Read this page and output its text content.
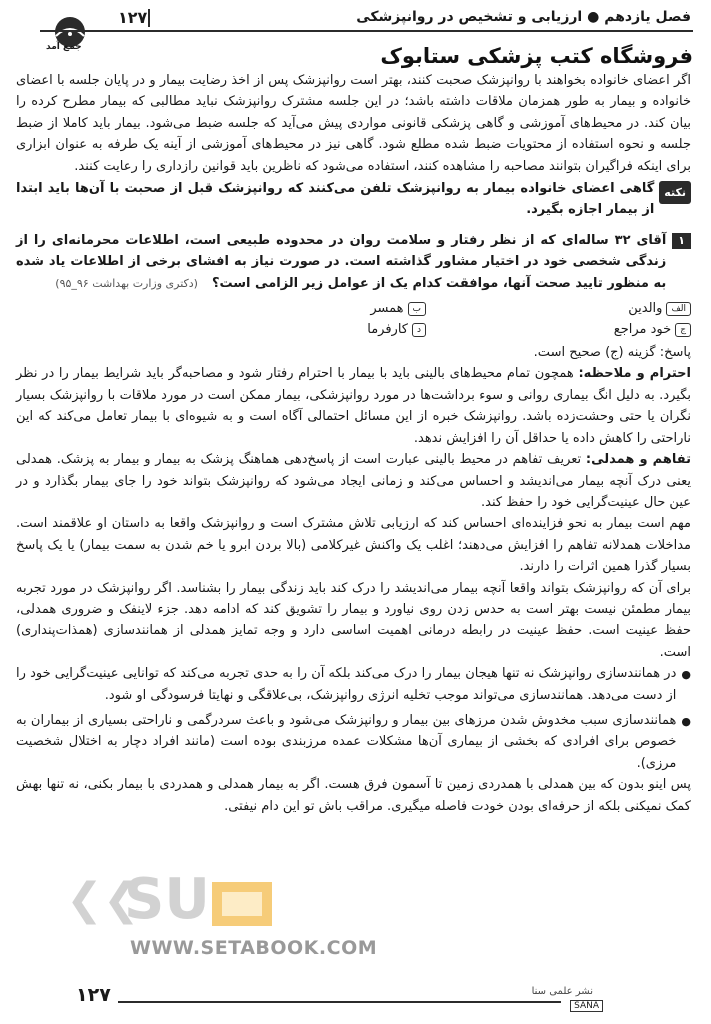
جمع آمد
۱۲۷	فصل یازدهم ● ارزیابی و تشخیص در روانپزشکی
فروشگاه کتب پزشکی ستابوک

اگر اعضای خانواده بخواهند با روانپزشک صحبت کنند، بهتر است روانپزشک پس از اخذ رضایت بیمار و در پایان جلسه با اعضای خانواده و بیمار به طور همزمان ملاقات داشته باشد؛ در این جلسه مشترک روانپزشک نباید مطالبی که بیمار مطرح کرده را بیان کند. در محیط‌های آموزشی و گاهی پزشکی قانونی مواردی پیش می‌آید که جلسه ضبط می‌شود. بیمار باید کاملا از ضبط جلسه و نحوه استفاده از محتویات ضبط شده مطلع شود. گاهی نیز در محیط‌های آموزشی از آینه یک طرفه به عنوان ابزاری برای اینکه فراگیران بتوانند مصاحبه را مشاهده کنند، استفاده می‌شود که ناظرین باید قوانین رازداری را رعایت کنند.

نکته
گاهی اعضای خانواده بیمار به روانپزشک تلفن می‌کنند که روانپزشک قبل از صحبت با آن‌ها باید ابتدا از بیمار اجازه بگیرد.
۱
آقای ۳۲ ساله‌ای که از نظر رفتار و سلامت روان در محدوده طبیعی است، اطلاعات محرمانه‌ای را از زندگی شخصی خود در اختیار مشاور گذاشته است. در صورت نیاز به افشای برخی از اطلاعات یاد شده به منظور تایید صحت آنها، موافقت کدام یک از عوامل زیر الزامی است؟(دکتری وزارت بهداشت ۹۶_۹۵)
الف
والدین
ب
همسر
ج
خود مراجع
د
کارفرما

پاسخ: گزینه (ج) صحیح است.

احترام و ملاحظه: همچون تمام محیط‌های بالینی باید با بیمار با احترام رفتار شود و مصاحبه‌گر باید شرایط بیمار را در نظر بگیرد. به دلیل انگ بیماری روانی و سوء برداشت‌ها در مورد روانپزشکی، بیمار ممکن است در مورد ملاقات با روانپزشک بسیار نگران یا حتی وحشت‌زده باشد. روانپزشک خبره از این مسائل احتمالی آگاه است و به شیوه‌ای با بیمار تعامل می‌کند که این ناراحتی را کاهش داده یا حداقل آن را افزایش ندهد.

تفاهم و همدلی: تعریف تفاهم در محیط بالینی عبارت است از پاسخ‌دهی هماهنگ پزشک به بیمار و بیمار به پزشک. همدلی یعنی درک آنچه بیمار می‌اندیشد و احساس می‌کند و زمانی ایجاد می‌شود که روانپزشک بتواند خود را جای بیمار بگذارد و در عین حال عینیت‌گرایی خود را حفظ کند.

مهم است بیمار به نحو فزاینده‌ای احساس کند که ارزیابی تلاش مشترک است و روانپزشک واقعا به داستان او علاقمند است. مداخلات همدلانه تفاهم را افزایش می‌دهند؛ اغلب یک واکنش غیرکلامی (بالا بردن ابرو یا خم شدن به سمت بیمار) یا یک پاسخ بسیار گذرا همین اثرات را دارند.

برای آن که روانپزشک بتواند واقعا آنچه بیمار می‌اندیشد را درک کند باید زندگی بیمار را بشناسد. اگر روانپزشک در مورد تجربه بیمار مطمئن نیست بهتر است به حدس زدن روی نیاورد و بیمار را تشویق کند که ادامه دهد. جزء لاینفک و ضروری همدلی، حفظ عینیت است. حفظ عینیت در رابطه درمانی اهمیت اساسی دارد و وجه تمایز همدلی از همانندسازی (همذات‌پنداری) است.

●
در همانندسازی روانپزشک نه تنها هیجان بیمار را درک می‌کند بلکه آن را به حدی تجربه می‌کند که توانایی عینیت‌گرایی خود را از دست می‌دهد. همانندسازی می‌تواند موجب تخلیه انرژی روانپزشک، بی‌علاقگی و نهایتا فرسودگی او شود.
●
همانندسازی سبب مخدوش شدن مرزهای بین بیمار و روانپزشک می‌شود و باعث سردرگمی و ناراحتی بسیاری از بیماران به خصوص برای افرادی که بخشی از بیماری آن‌ها مشکلات عمده مرزبندی بوده است (مانند افراد دچار به اختلال شخصیت مرزی).

پس اینو بدون که بین همدلی با همدردی زمین تا آسمون فرق هست. اگر به بیمار همدلی و همدردی با بیمار بکنی، نه تنها بهش کمک نمیکنی بلکه از حرفه‌ای بودن خودت فاصله میگیری. مراقب باش تو این دام نیفتی.

❮❮
SU
WWW.SETABOOK.COM
۱۲۷	نشر علمی سنا
SANA
